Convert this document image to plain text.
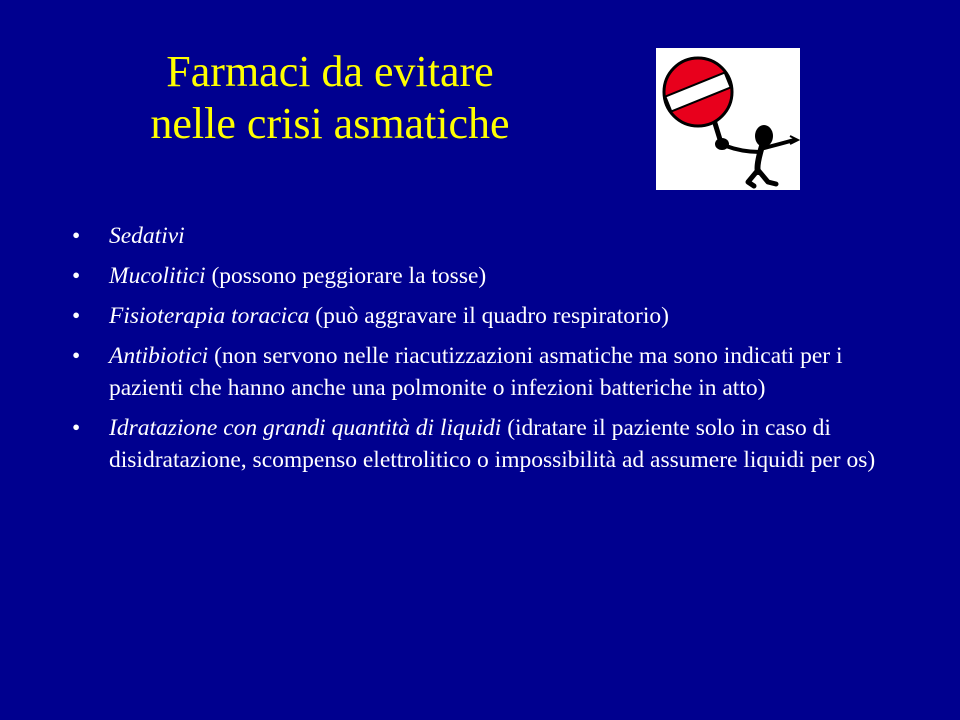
Farmaci da evitare
nelle crisi asmatiche
•	Sedativi
•	Mucolitici (possono peggiorare la tosse)
•	Fisioterapia toracica (può aggravare il quadro respiratorio)
•	Antibiotici (non servono nelle riacutizzazioni asmatiche ma sono indicati per i pazienti che hanno anche una polmonite o infezioni batteriche in atto)
•	Idratazione con grandi quantità di liquidi (idratare il paziente solo in caso di disidratazione, scompenso elettrolitico o impossibilità ad assumere liquidi per os)
